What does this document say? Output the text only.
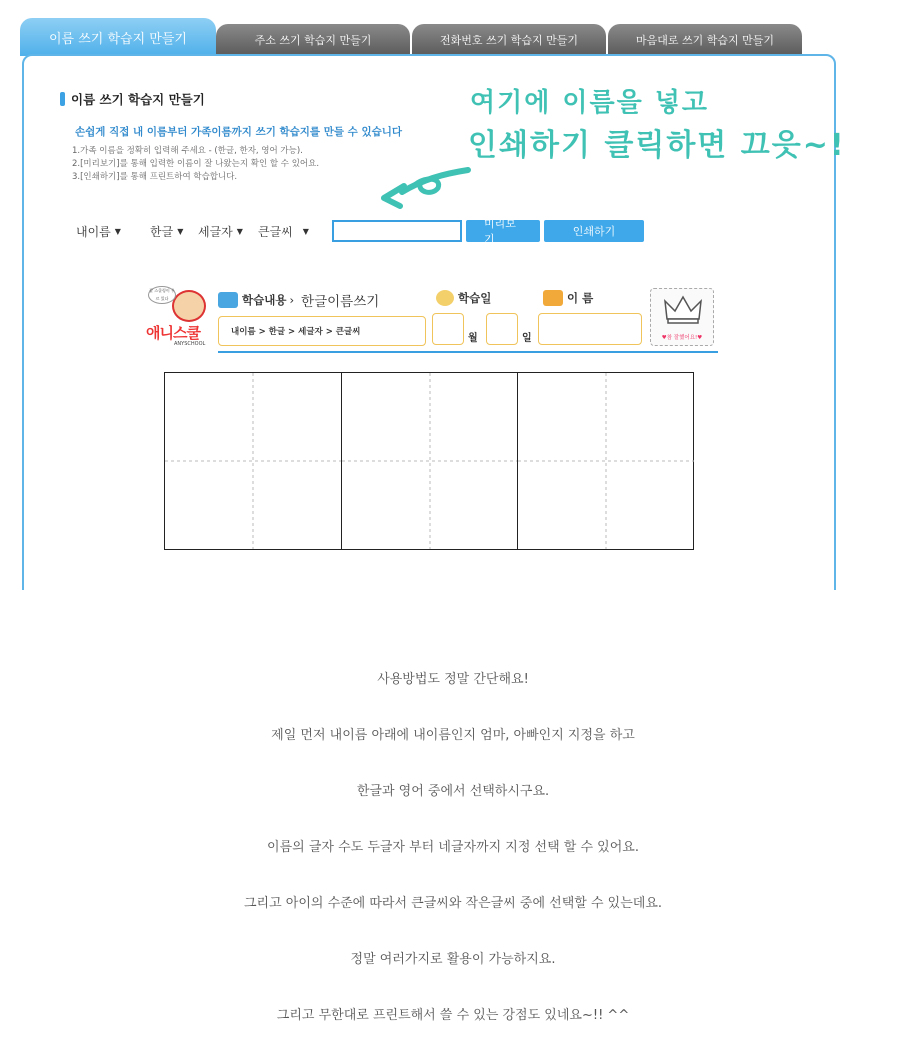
이름 쓰기 학습지 만들기	주소 쓰기 학습지 만들기	전화번호 쓰기 학습지 만들기	마음대로 쓰기 학습지 만들기
이름 쓰기 학습지 만들기
손쉽게 직접 내 이름부터 가족이름까지 쓰기 학습지를 만들 수 있습니다
1.가족 이름을 정확히 입력해 주세요 - (한글, 한자, 영어 가능).
2.[미리보기]를 통해 입력한 이름이 잘 나왔는지 확인 할 수 있어요.
3.[인쇄하기]를 통해 프린트하여 학습합니다.
여기에 이름을 넣고
인쇄하기 클릭하면 끄읏~!
내이름 ▼ 한글 ▼ 세글자 ▼ 큰글씨 ▼
미리보기
인쇄하기
잘 스쿨링이 우르 있다
애니스쿨
ANYSCHOOL
학습내용 › 한글이름쓰기	학습일	이 름
내이름 > 한글 > 세글자 > 큰글씨
월	일	♥참 잘했어요!♥
사용방법도 정말 간단해요!
제일 먼저 내이름 아래에 내이름인지 엄마, 아빠인지 지정을 하고
한글과 영어 중에서 선택하시구요.
이름의 글자 수도 두글자 부터 네글자까지 지정 선택 할 수 있어요.
그리고 아이의 수준에 따라서 큰글씨와 작은글씨 중에 선택할 수 있는데요.
정말 여러가지로 활용이 가능하지요.
그리고 무한대로 프린트해서 쓸 수 있는 강점도 있네요~!! ^^
